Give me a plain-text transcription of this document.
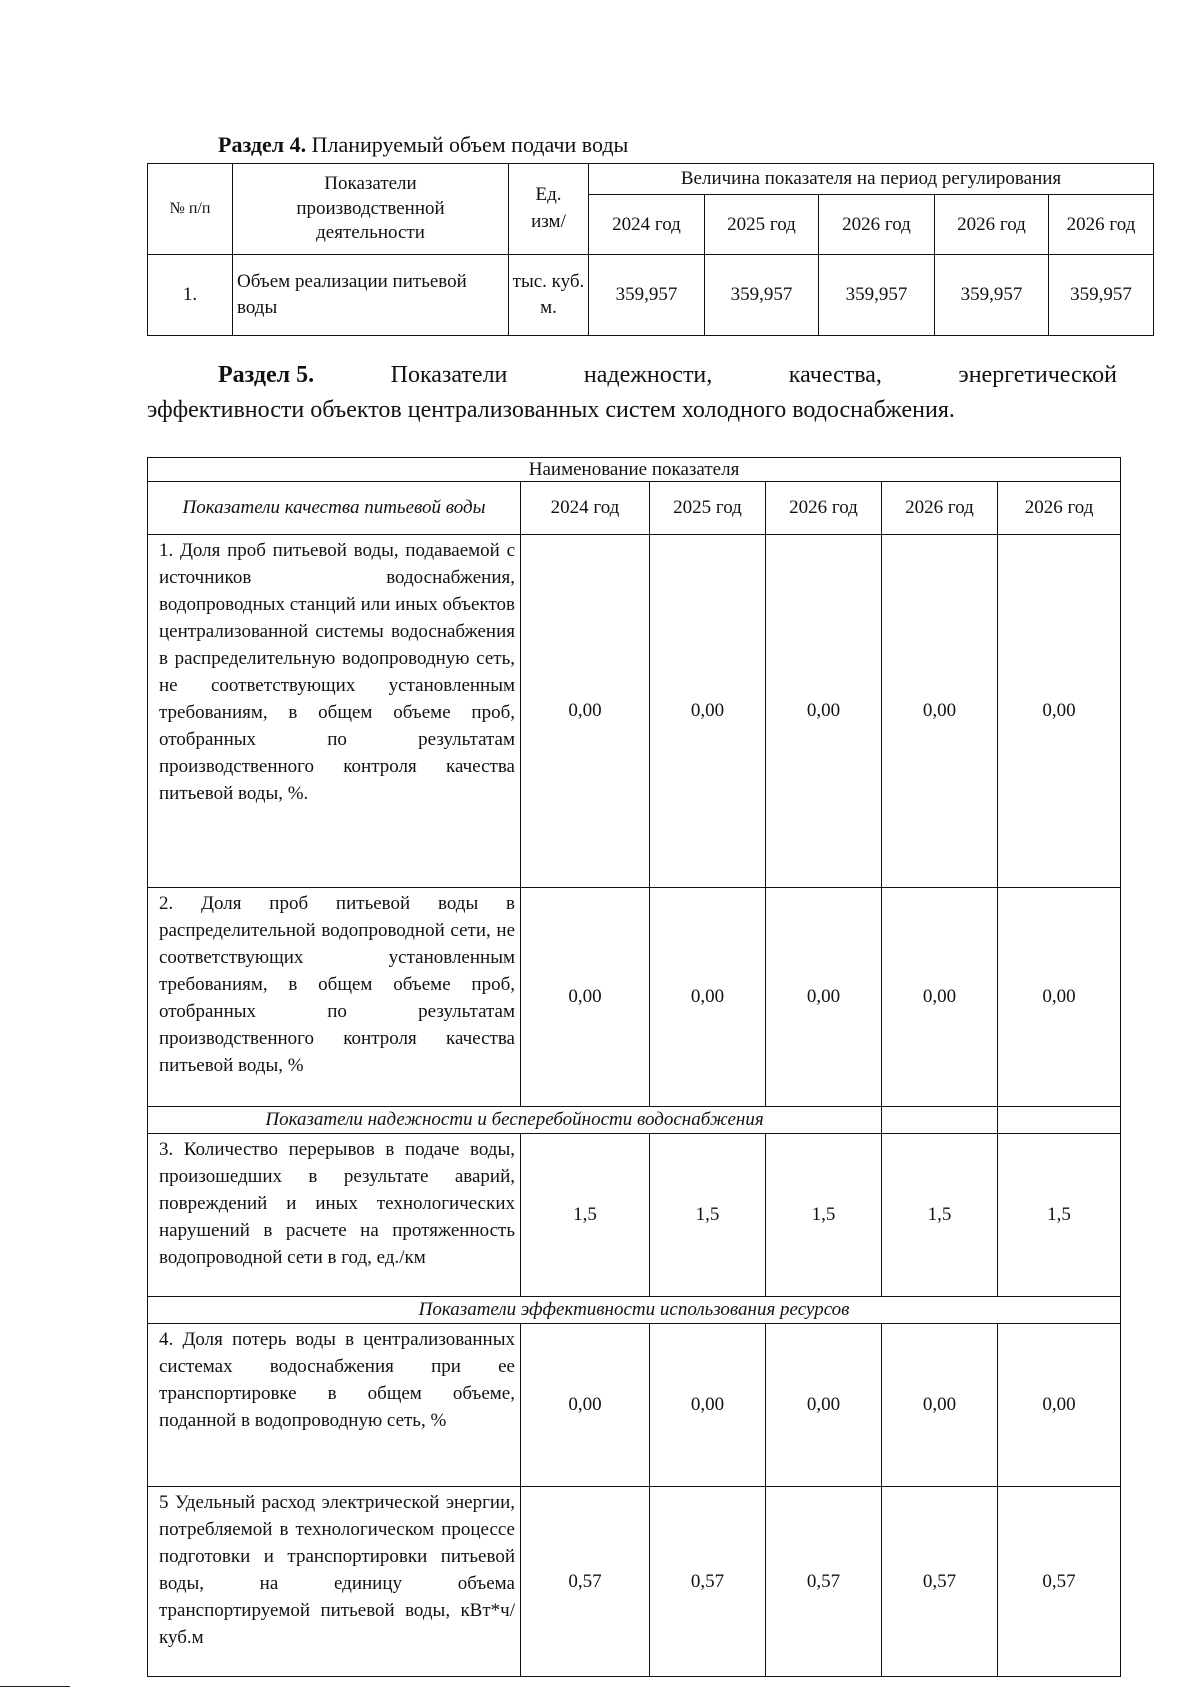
Раздел 4. Планируемый объем подачи воды
№ п/п	Показатели производственной деятельности	Ед. изм/	Величина показателя на период регулирования				
			2024 год	2025 год	2026 год	2026 год	2026 год
1.	Объем реализации питьевой воды	тыс. куб. м.	359,957	359,957	359,957	359,957	359,957
Раздел 5.	Показатели	надежности,	качества,	энергетической
эффективности объектов централизованных систем холодного водоснабжения.
Наименование показателя					
Показатели качества питьевой воды	2024 год	2025 год	2026 год	2026 год	2026 год
1. Доля проб питьевой воды, подаваемой с источников водоснабжения, водопроводных станций или иных объектов централизованной системы водоснабжения в распределительную водопроводную сеть, не соответствующих установленным требованиям, в общем объеме проб, отобранных по результатам производственного контроля качества питьевой воды, %.	0,00	0,00	0,00	0,00	0,00
2. Доля проб питьевой воды в распределительной водопроводной сети, не соответствующих установленным требованиям, в общем объеме проб, отобранных по результатам производственного контроля качества питьевой воды, %	0,00	0,00	0,00	0,00	0,00
Показатели надежности и бесперебойности водоснабжения					
3. Количество перерывов в подаче воды, произошедших в результате аварий, повреждений и иных технологических нарушений в расчете на протяженность водопроводной сети в год, ед./км	1,5	1,5	1,5	1,5	1,5
Показатели эффективности использования ресурсов					
4. Доля потерь воды в централизованных системах водоснабжения при ее транспортировке в общем объеме, поданной в водопроводную сеть, %	0,00	0,00	0,00	0,00	0,00
5 Удельный расход электрической энергии, потребляемой в технологическом процессе подготовки и транспортировки питьевой воды, на единицу объема транспортируемой питьевой воды, кВт*ч/куб.м	0,57	0,57	0,57	0,57	0,57
